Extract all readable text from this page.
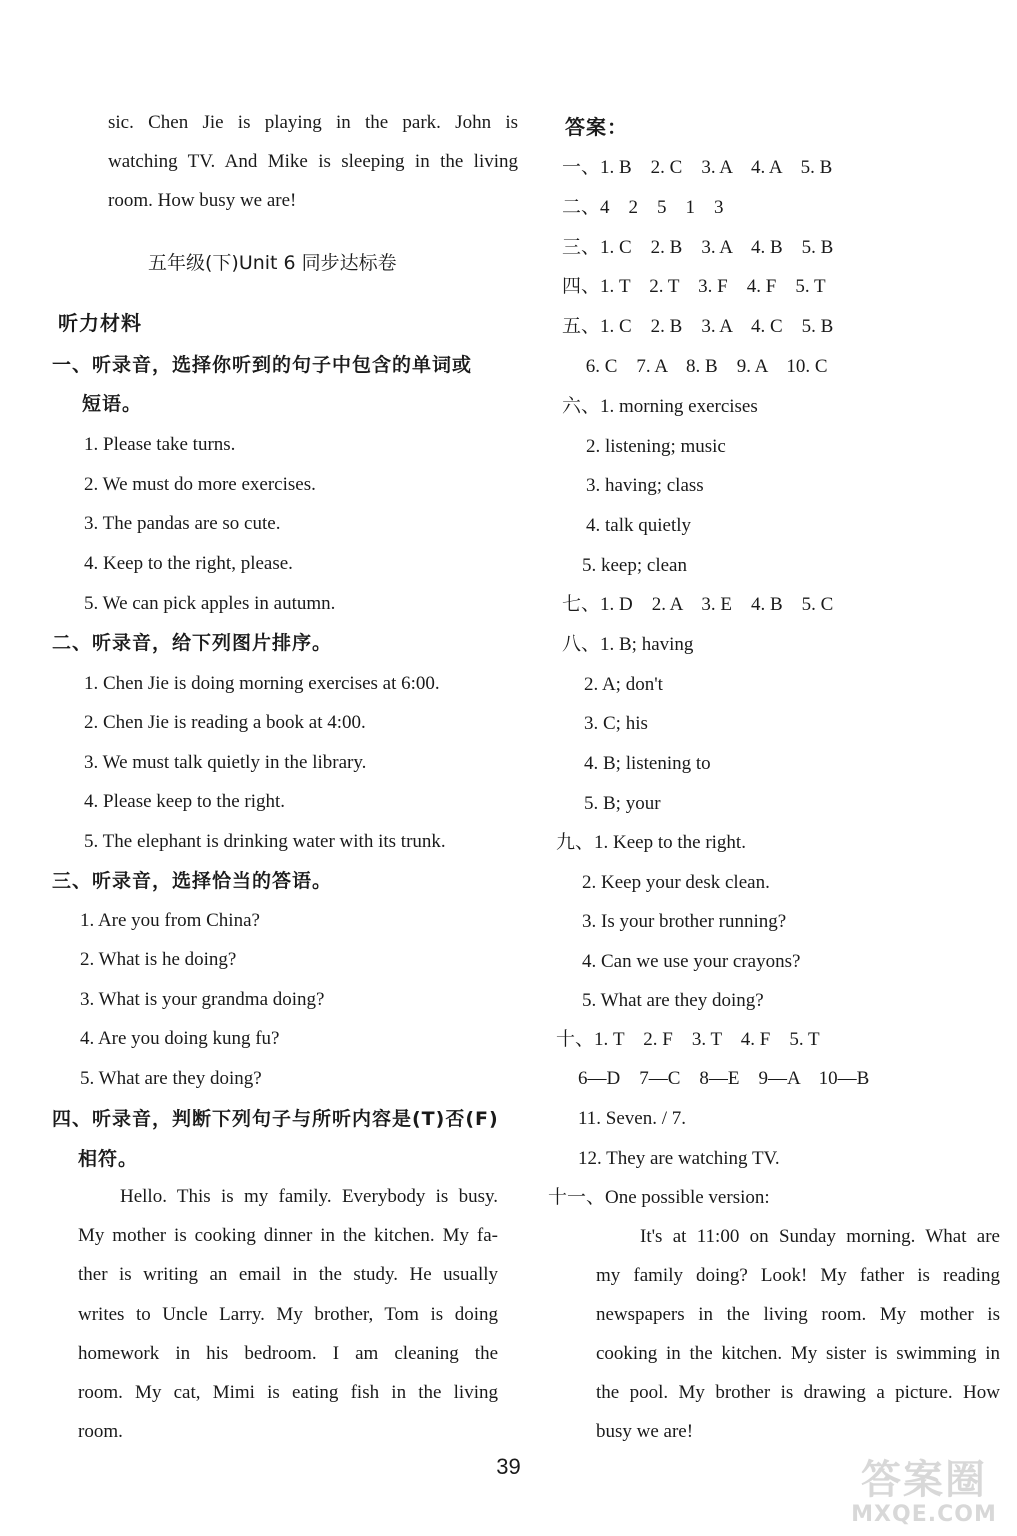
sic. Chen Jie is playing in the park. John is
watching TV. And Mike is sleeping in the living
room. How busy we are!
五年级(下)Unit 6 同步达标卷
听力材料
一、听录音，选择你听到的句子中包含的单词或
短语。
1. Please take turns.
2. We must do more exercises.
3. The pandas are so cute.
4. Keep to the right, please.
5. We can pick apples in autumn.
二、听录音，给下列图片排序。
1. Chen Jie is doing morning exercises at 6:00.
2. Chen Jie is reading a book at 4:00.
3. We must talk quietly in the library.
4. Please keep to the right.
5. The elephant is drinking water with its trunk.
三、听录音，选择恰当的答语。
1. Are you from China?
2. What is he doing?
3. What is your grandma doing?
4. Are you doing kung fu?
5. What are they doing?
四、听录音，判断下列句子与所听内容是(T)否(F)
相符。
Hello. This is my family. Everybody is busy.
My mother is cooking dinner in the kitchen. My fa-
ther is writing an email in the study. He usually
writes to Uncle Larry. My brother, Tom is doing
homework in his bedroom. I am cleaning the
room. My cat, Mimi is eating fish in the living
room.
答案：
一、1. B　2. C　3. A　4. A　5. B
二、4　2　5　1　3
三、1. C　2. B　3. A　4. B　5. B
四、1. T　2. T　3. F　4. F　5. T
五、1. C　2. B　3. A　4. C　5. B
　 6. C　7. A　8. B　9. A　10. C
六、1. morning exercises
2. listening; music
3. having; class
4. talk quietly
5. keep; clean
七、1. D　2. A　3. E　4. B　5. C
八、1. B; having
2. A; don't
3. C; his
4. B; listening to
5. B; your
九、1. Keep to the right.
2. Keep your desk clean.
3. Is your brother running?
4. Can we use your crayons?
5. What are they doing?
十、1. T　2. F　3. T　4. F　5. T
6—D　7—C　8—E　9—A　10—B
11. Seven. / 7.
12. They are watching TV.
十一、One possible version:
It's at 11:00 on Sunday morning. What are
my family doing? Look! My father is reading
newspapers in the living room. My mother is
cooking in the kitchen. My sister is swimming in
the pool. My brother is drawing a picture. How
busy we are!
39	答案圈
MXQE.COM
